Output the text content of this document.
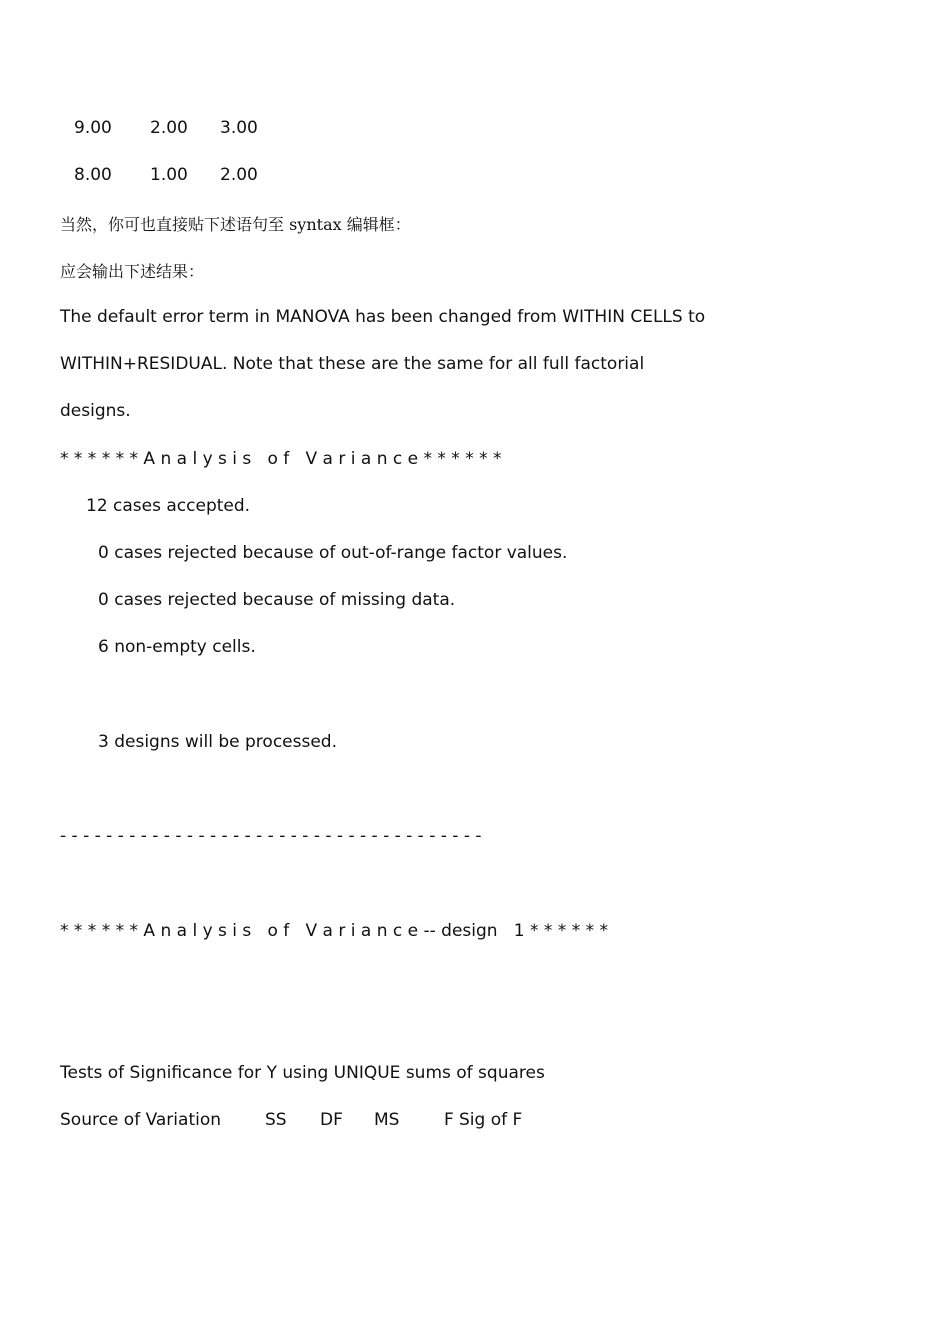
9.00 2.00 3.00
8.00 1.00 2.00
当然，你可也直接贴下述语句至 syntax 编辑框：
应会输出下述结果：
The default error term in MANOVA has been changed from WITHIN CELLS to
WITHIN+RESIDUAL. Note that these are the same for all full factorial
designs.
* * * * * * A n a l y s i s   o f   V a r i a n c e * * * * * *
12 cases accepted.
0 cases rejected because of out-of-range factor values.
0 cases rejected because of missing data.
6 non-empty cells.
3 designs will be processed.
- - - - - - - - - - - - - - - - - - - - - - - - - - - - - - - - - - - - -
* * * * * * A n a l y s i s   o f   V a r i a n c e -- design   1 * * * * * *
Tests of Significance for Y using UNIQUE sums of squares
Source of Variation	SS DF MS	F Sig of F
